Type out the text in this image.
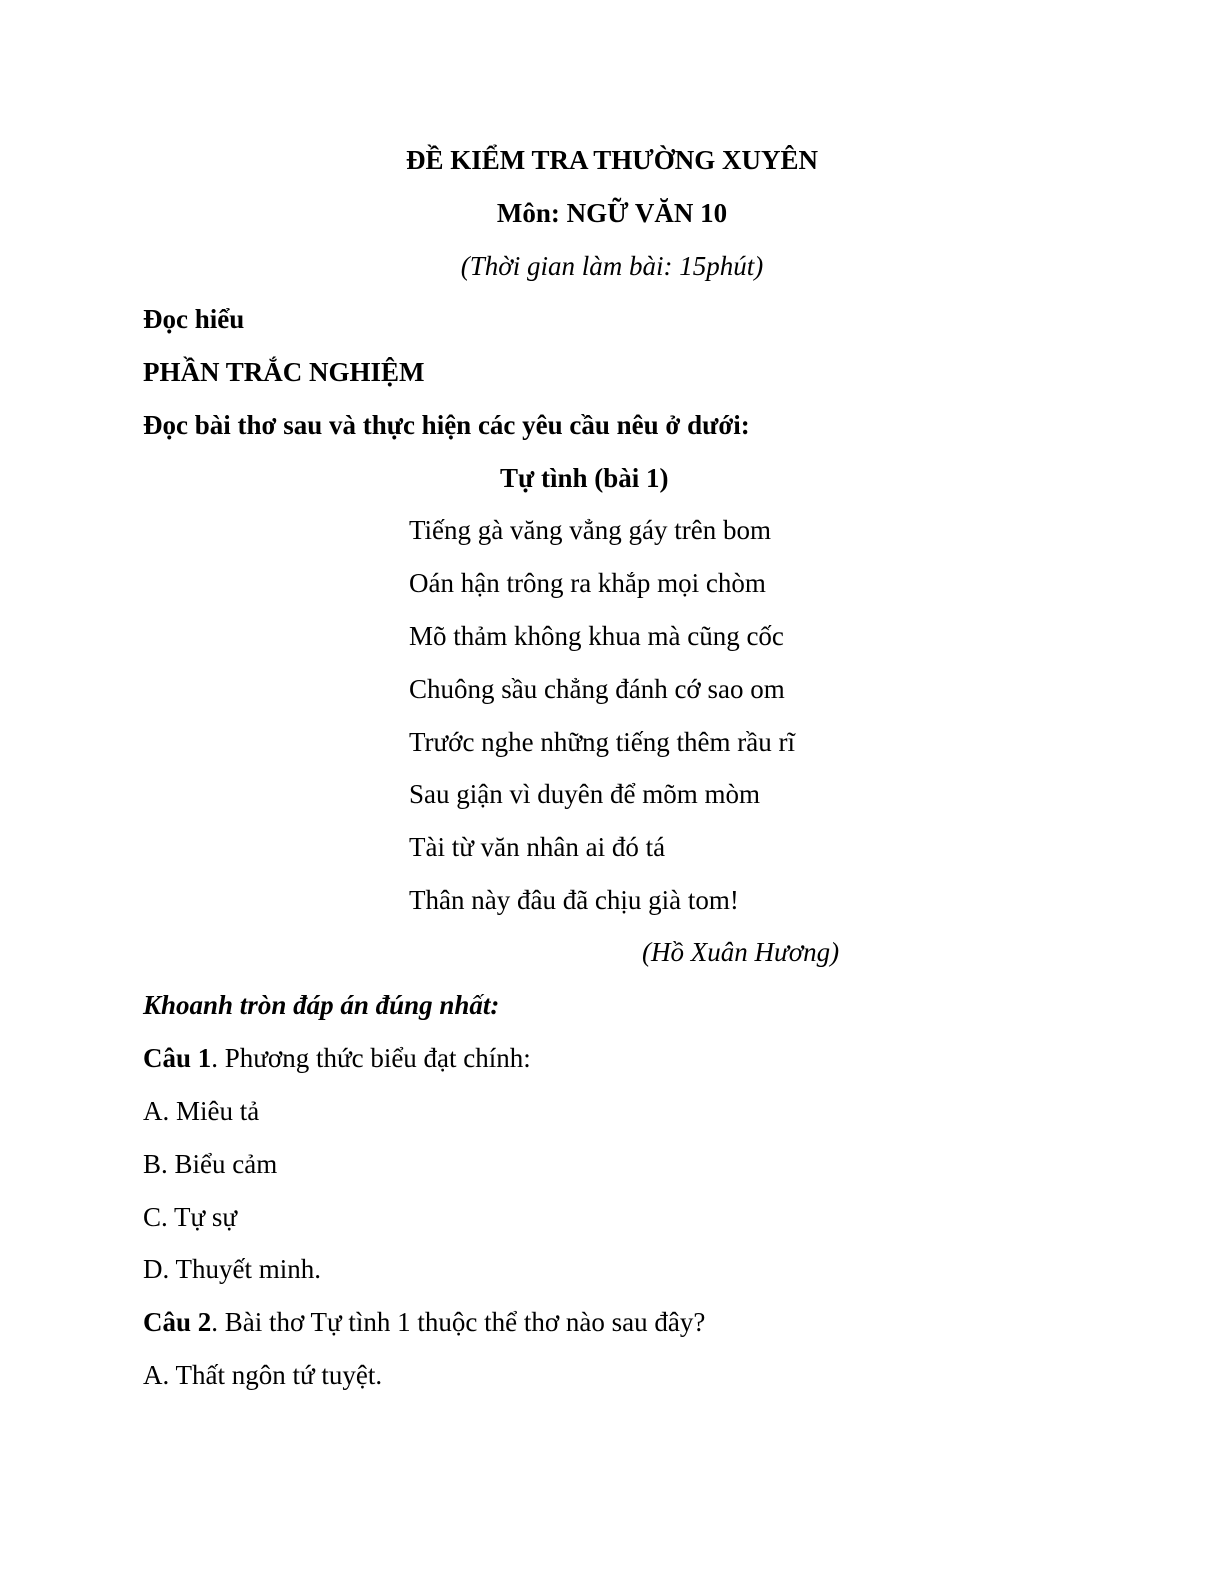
ĐỀ KIỂM TRA THƯỜNG XUYÊN
Môn: NGỮ VĂN 10
(Thời gian làm bài: 15phút)
Đọc hiểu
PHẦN TRẮC NGHIỆM
Đọc bài thơ sau và thực hiện các yêu cầu nêu ở dưới:
Tự tình (bài 1)
Tiếng gà văng vẳng gáy trên bom
Oán hận trông ra khắp mọi chòm
Mõ thảm không khua mà cũng cốc
Chuông sầu chẳng đánh cớ sao om
Trước nghe những tiếng thêm rầu rĩ
Sau giận vì duyên để mõm mòm
Tài từ văn nhân ai đó tá
Thân này đâu đã chịu già tom!
(Hồ Xuân Hương)
Khoanh tròn đáp án đúng nhất:
Câu 1. Phương thức biểu đạt chính:
A. Miêu tả
B. Biểu cảm
C. Tự sự
D. Thuyết minh.
Câu 2. Bài thơ Tự tình 1 thuộc thể thơ nào sau đây?
A. Thất ngôn tứ tuyệt.
